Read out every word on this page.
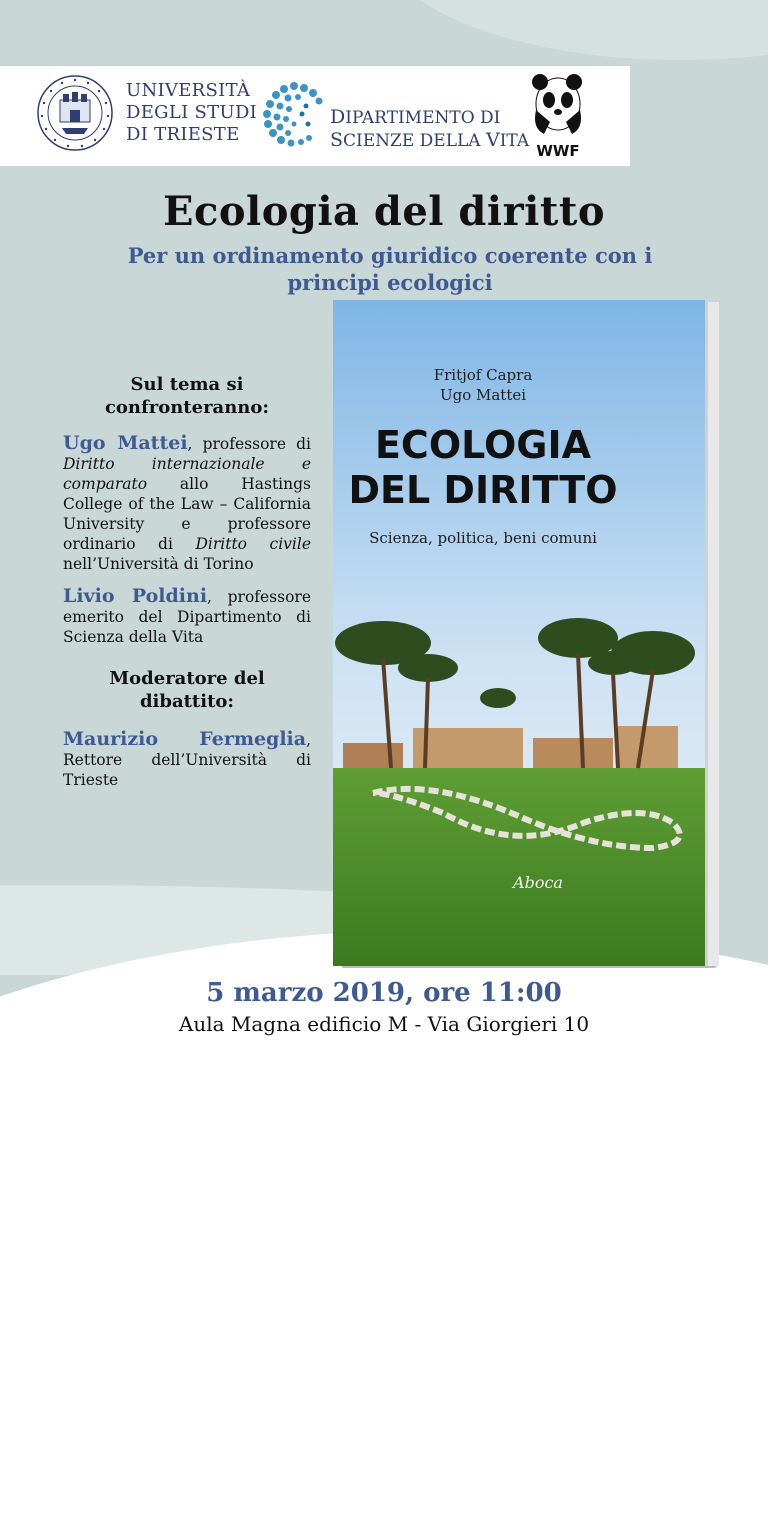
UNIVERSITÀ
DEGLI STUDI
DI TRIESTE
DIPARTIMENTO DI
SCIENZE DELLA VITA WWF
Ecologia del diritto
Per un ordinamento giuridico coerente con i
principi ecologici
Sul tema si
confronteranno:
Ugo Mattei, professore di Diritto internazionale e comparato allo Hastings College of the Law – California University e professore ordinario di Diritto civile nell’Università di Torino
Livio Poldini, professore emerito del Dipartimento di Scienza della Vita
Moderatore del
dibattito:
Maurizio Fermeglia, Rettore dell’Università di Trieste
Fritjof Capra
Ugo Mattei
ECOLOGIA
DEL DIRITTO
Scienza, politica, beni comuni
Aboca
5 marzo 2019, ore 11:00
Aula Magna edificio M - Via Giorgieri 10
